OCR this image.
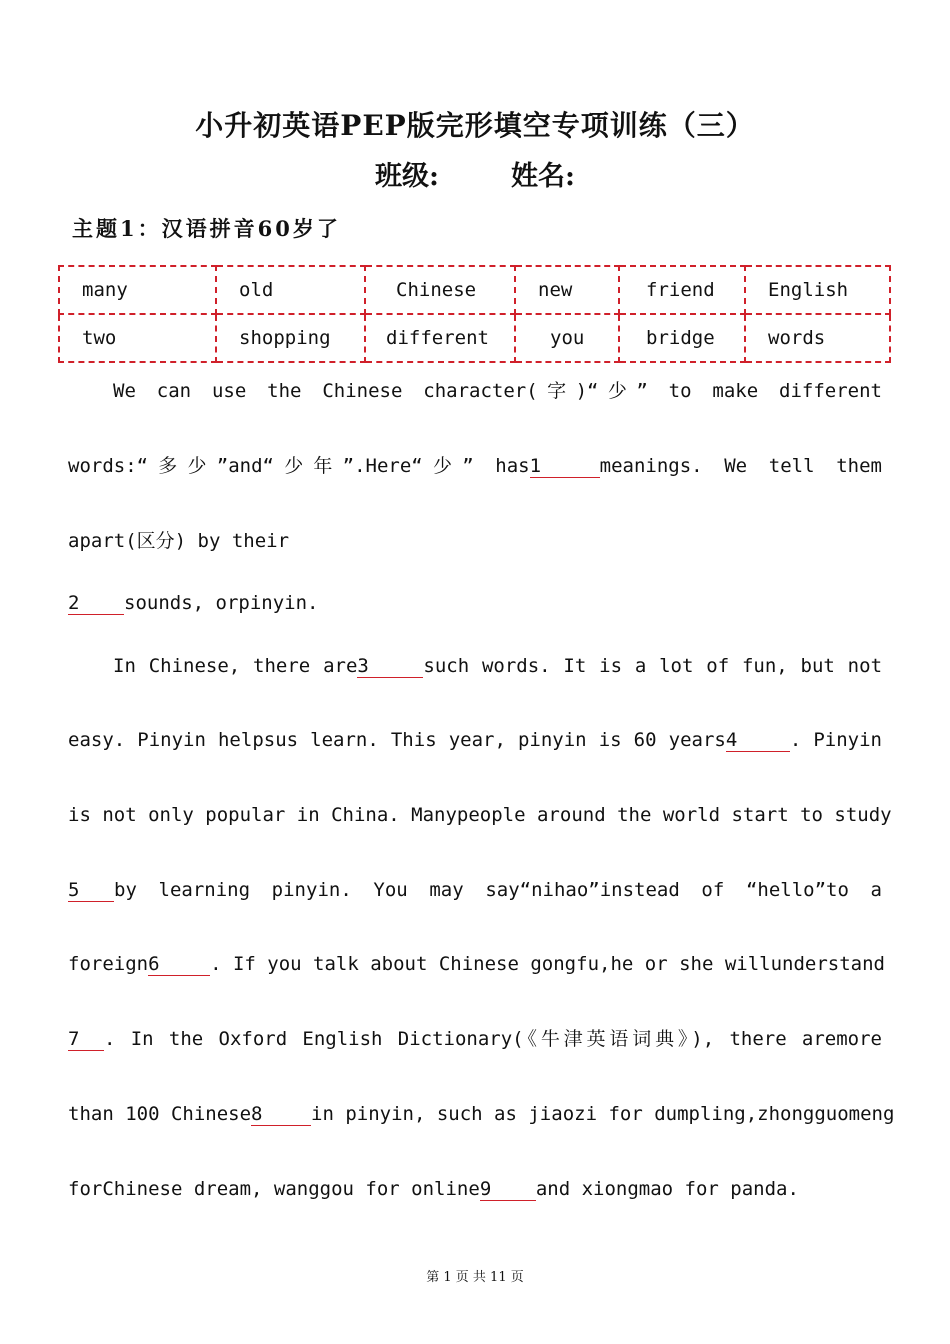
小升初英语PEP版完形填空专项训练（三）
班级:	姓名:
主题1：汉语拼音60岁了
many	old	Chinese	new	friend	English
two	shopping	different	you	bridge	words
We can use the Chinese character(字)“少” to make different
words:“多少”and“少年”.Here“少” has1	meanings. We tell them
apart(区分) by their
2 sounds, orpinyin.
In Chinese, there are3	such words. It is a lot of fun, but not
easy. Pinyin helpsus learn. This year, pinyin is 60 years4	. Pinyin
is not only popular in China. Manypeople around the world start to study
5 by learning pinyin. You may say“nihao”instead of “hello”to a
foreign6	. If you talk about Chinese gongfu,he or she willunderstand
7 . In the Oxford English Dictionary(《牛津英语词典》), there aremore
than 100 Chinese8	in pinyin, such as jiaozi for dumpling,zhongguomeng
forChinese dream, wanggou for online9 and xiongmao for panda.
第 1 页 共 11 页
